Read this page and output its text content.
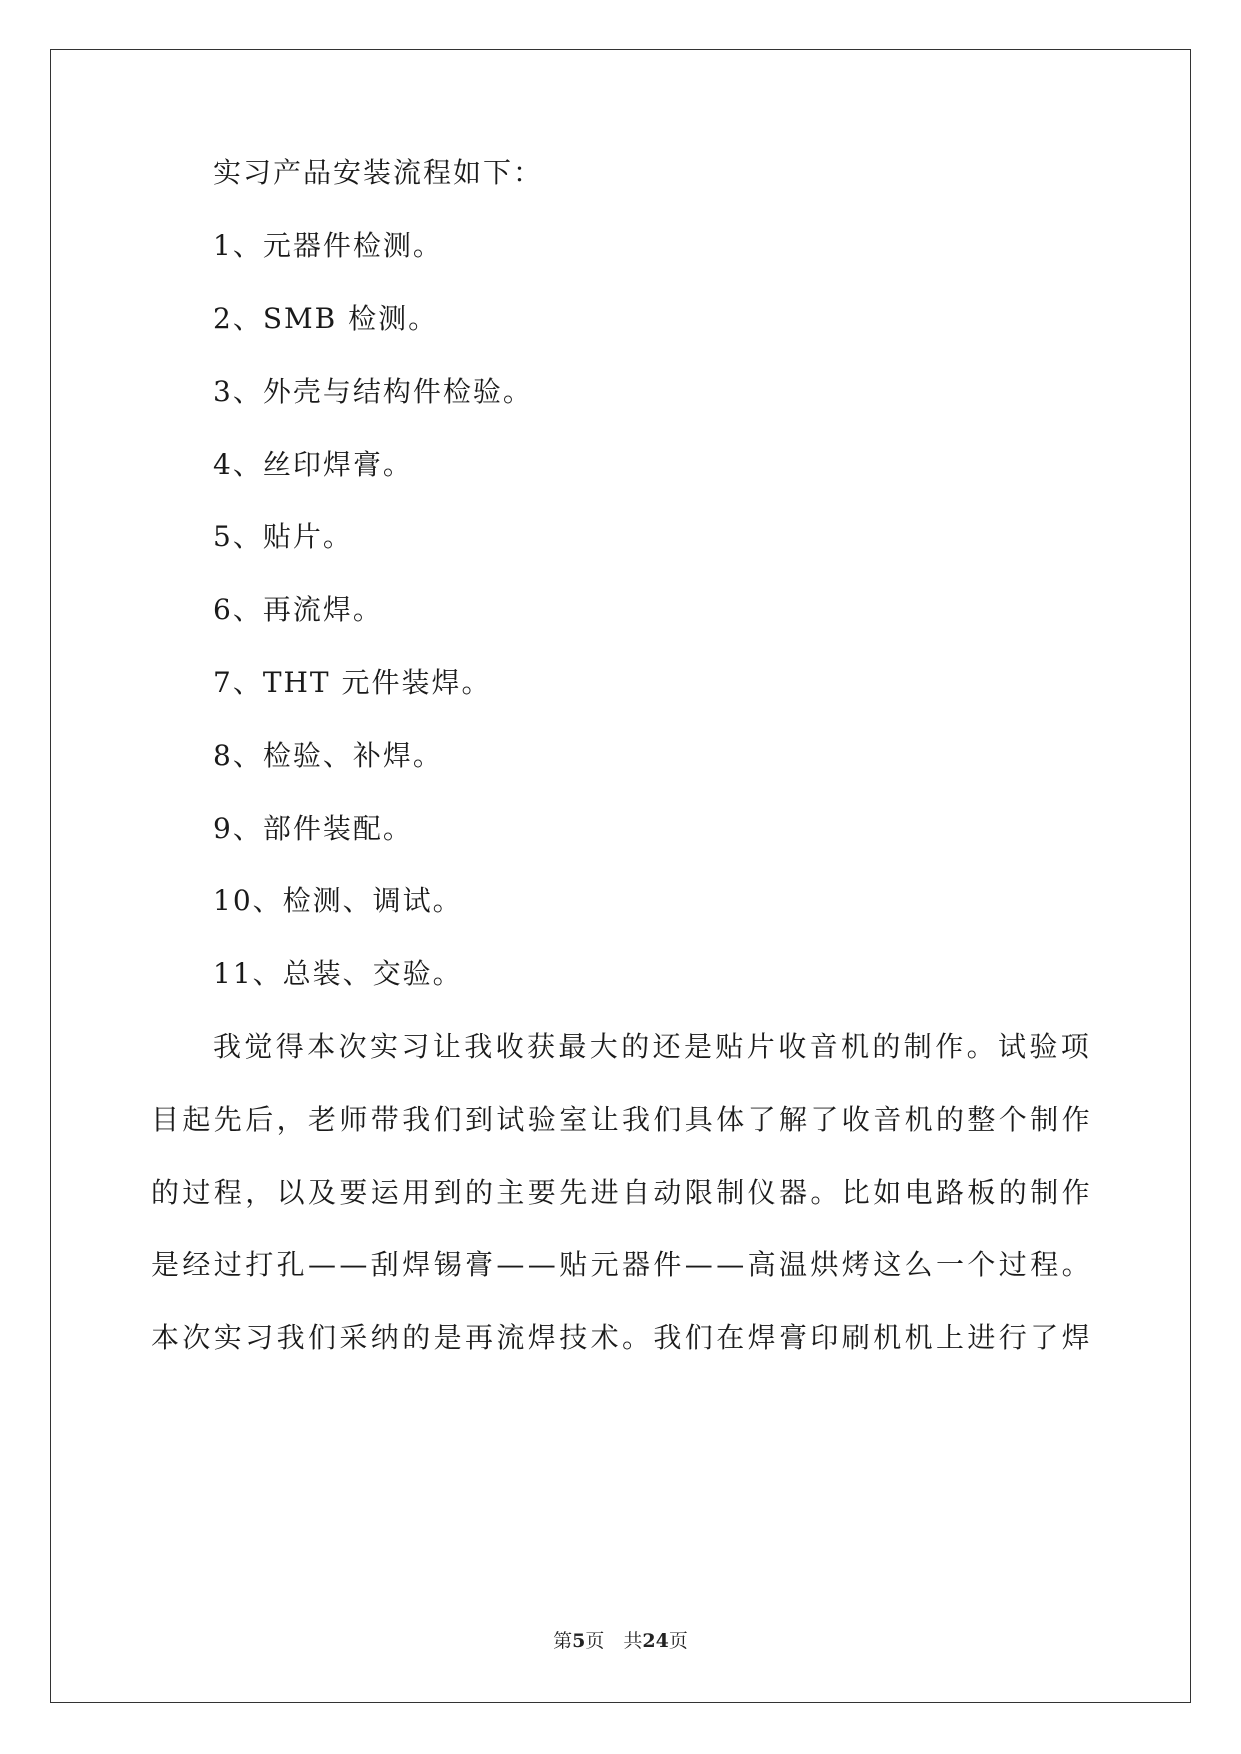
实习产品安装流程如下：
1、元器件检测。
2、SMB 检测。
3、外壳与结构件检验。
4、丝印焊膏。
5、贴片。
6、再流焊。
7、THT 元件装焊。
8、检验、补焊。
9、部件装配。
10、检测、调试。
11、总装、交验。
我觉得本次实习让我收获最大的还是贴片收音机的制作。试验项
目起先后，老师带我们到试验室让我们具体了解了收音机的整个制作
的过程，以及要运用到的主要先进自动限制仪器。比如电路板的制作
是经过打孔——刮焊锡膏——贴元器件——高温烘烤这么一个过程。
本次实习我们采纳的是再流焊技术。我们在焊膏印刷机机上进行了焊
第5页　共24页
